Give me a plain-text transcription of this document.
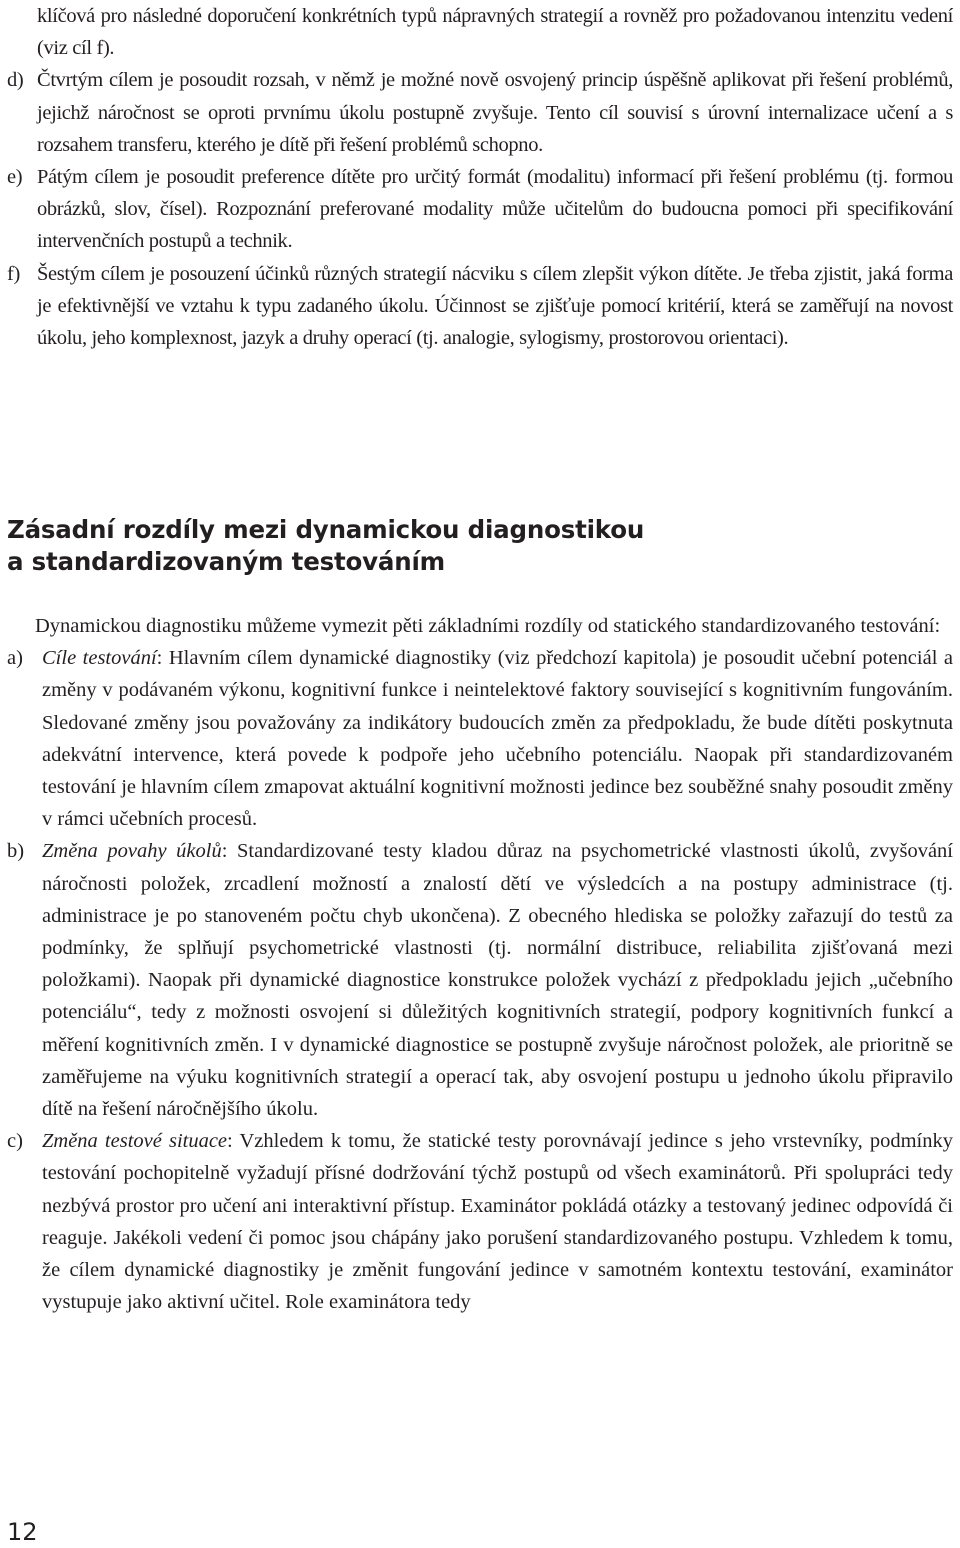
klíčová pro následné doporučení konkrétních typů nápravných strategií a rovněž pro požadovanou intenzitu vedení (viz cíl f).

d) Čtvrtým cílem je posoudit rozsah, v němž je možné nově osvojený princip úspěšně aplikovat při řešení problémů, jejichž náročnost se oproti prvnímu úkolu postupně zvyšuje. Tento cíl souvisí s úrovní internalizace učení a s rozsahem transferu, kterého je dítě při řešení problémů schopno.

e) Pátým cílem je posoudit preference dítěte pro určitý formát (modalitu) informací při řešení problému (tj. formou obrázků, slov, čísel). Rozpoznání preferované modality může učitelům do budoucna pomoci při specifikování intervenčních postupů a technik.

f) Šestým cílem je posouzení účinků různých strategií nácviku s cílem zlepšit výkon dítěte. Je třeba zjistit, jaká forma je efektivnější ve vztahu k typu zadaného úkolu. Účinnost se zjišťuje pomocí kritérií, která se zaměřují na novost úkolu, jeho komplexnost, jazyk a druhy operací (tj. analogie, sylogismy, prostorovou orientaci).

Zásadní rozdíly mezi dynamickou diagnostikou
a standardizovaným testováním

Dynamickou diagnostiku můžeme vymezit pěti základními rozdíly od statického standardizovaného testování:

a) Cíle testování: Hlavním cílem dynamické diagnostiky (viz předchozí kapitola) je posoudit učební potenciál a změny v podávaném výkonu, kognitivní funkce i neintelektové faktory související s kognitivním fungováním. Sledované změny jsou považovány za indikátory budoucích změn za předpokladu, že bude dítěti poskytnuta adekvátní intervence, která povede k podpoře jeho učebního potenciálu. Naopak při standardizovaném testování je hlavním cílem zmapovat aktuální kognitivní možnosti jedince bez souběžné snahy posoudit změny v rámci učebních procesů.

b) Změna povahy úkolů: Standardizované testy kladou důraz na psychometrické vlastnosti úkolů, zvyšování náročnosti položek, zrcadlení možností a znalostí dětí ve výsledcích a na postupy administrace (tj. administrace je po stanoveném počtu chyb ukončena). Z obecného hlediska se položky zařazují do testů za podmínky, že splňují psychometrické vlastnosti (tj. normální distribuce, reliabilita zjišťovaná mezi položkami). Naopak při dynamické diagnostice konstrukce položek vychází z předpokladu jejich „učebního potenciálu“, tedy z možnosti osvojení si důležitých kognitivních strategií, podpory kognitivních funkcí a měření kognitivních změn. I v dynamické diagnostice se postupně zvyšuje náročnost položek, ale prioritně se zaměřujeme na výuku kognitivních strategií a operací tak, aby osvojení postupu u jednoho úkolu připravilo dítě na řešení náročnějšího úkolu.

c) Změna testové situace: Vzhledem k tomu, že statické testy porovnávají jedince s jeho vrstevníky, podmínky testování pochopitelně vyžadují přísné dodržování týchž postupů od všech examinátorů. Při spolupráci tedy nezbývá prostor pro učení ani interaktivní přístup. Examinátor pokládá otázky a testovaný jedinec odpovídá či reaguje. Jakékoli vedení či pomoc jsou chápány jako porušení standardizovaného postupu. Vzhledem k tomu, že cílem dynamické diagnostiky je změnit fungování jedince v samotném kontextu testování, examinátor vystupuje jako aktivní učitel. Role examinátora tedy

12
